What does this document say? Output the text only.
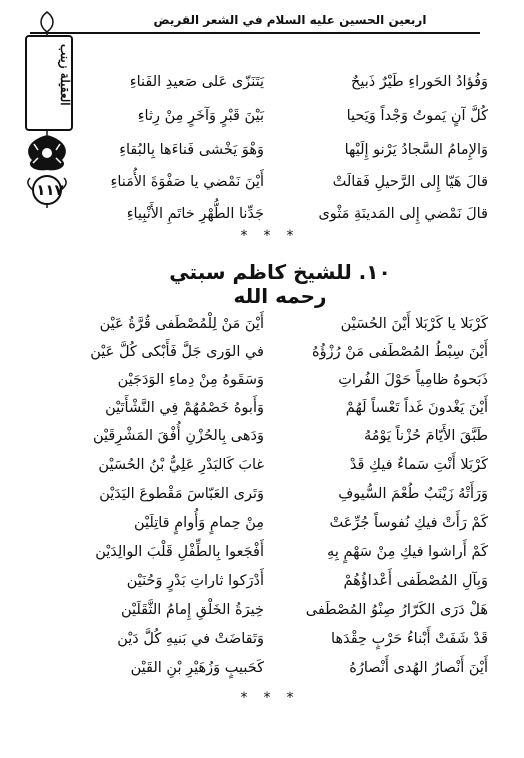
العقيلة زينب
١١٧
اربعين الحسين عليه السلام في الشعر القريض
وَفُؤادُ الحَوراءِ طَيْرٌ ذَبيحٌ
يَتَنَزّى عَلى صَعيدِ الفَناءِ
كُلَّ آنٍ يَموتُ وَجْداً وَيَحيا
بَيْنَ قَبْرٍ وَآخَرٍ مِنْ رِثاءِ
وَالإِمامُ السَّجادُ يَرْنو إِلَيْها
وَهْوَ يَخْشى فَناءَها بِالبُقاءِ
قالَ هَيّا إِلى الرَّحيلِ فَقالَتْ
أَيْنَ نَمْضي يا صَفْوَةَ الأُمَناءِ
قالَ نَمْضي إِلى المَدينَةِ مَثْوى
جَدِّنا الطُّهْرِ خاتَمِ الأَنْبِياءِ
***
١٠. للشيخ كاظم سبتي رحمه الله
كَرْبَلا يا كَرْبَلا أَيْنَ الحُسَيْن
أَيْنَ مَنْ لِلْمُصْطَفى قُرَّةُ عَيْن
أَيْنَ سِبْطُ المُصْطَفى مَنْ رُزْؤُهُ
في الوَرى جَلَّ فَأَبْكى كُلَّ عَيْن
ذَبَحوهُ ظامِياً حَوْلَ الفُراتِ
وَسَقَوهُ مِنْ دِماءِ الوَدَجَيْن
أَيْنَ يَغْدونَ غَداً تَعْساً لَهُمْ
وَأَبوهُ خَصْمُهُمْ فِي النَّشْأَتَيْن
طَبَّقَ الأَيّامَ حُزْناً يَوْمُهُ
وَدَهى بِالحُزْنِ أُفْقَ المَشْرِقَيْن
كَرْبَلا أَنْتِ سَماءٌ فيكِ قَدْ
غابَ كَالبَدْرِ عَلِيُّ بْنُ الحُسَيْن
وَرَأَتْهُ زَيْنَبٌ طُعْمَ السُّيوفِ
وَتَرى العَبّاسَ مَقْطوعَ اليَدَيْن
كَمْ رَأَتْ فيكِ نُفوساً جُرِّعَتْ
مِنْ حِمامٍ وَأُوامٍ قاتِلَيْن
كَمْ أَراشوا فيكِ مِنْ سَهْمٍ بِهِ
أَفْجَعوا بِالطِّفْلِ قَلْبَ الوالِدَيْن
وَبِآلِ المُصْطَفى أَعْداؤُهُمْ
أَدْرَكوا ثاراتِ بَدْرٍ وَحُنَيْن
هَلْ دَرَى الكَرّارُ صِنْوُ المُصْطَفى
خِيرَةُ الخَلْقِ إِمامُ الثَّقَلَيْن
قَدْ شَفَتْ أَبْناءُ حَرْبٍ حِقْدَها
وَتَقاضَتْ في بَنيهِ كُلَّ دَيْن
أَيْنَ أَنْصارُ الهُدى أَنْصارُهُ
كَحَبيبٍ وَزُهَيْرِ بْنِ القَيْن
***
